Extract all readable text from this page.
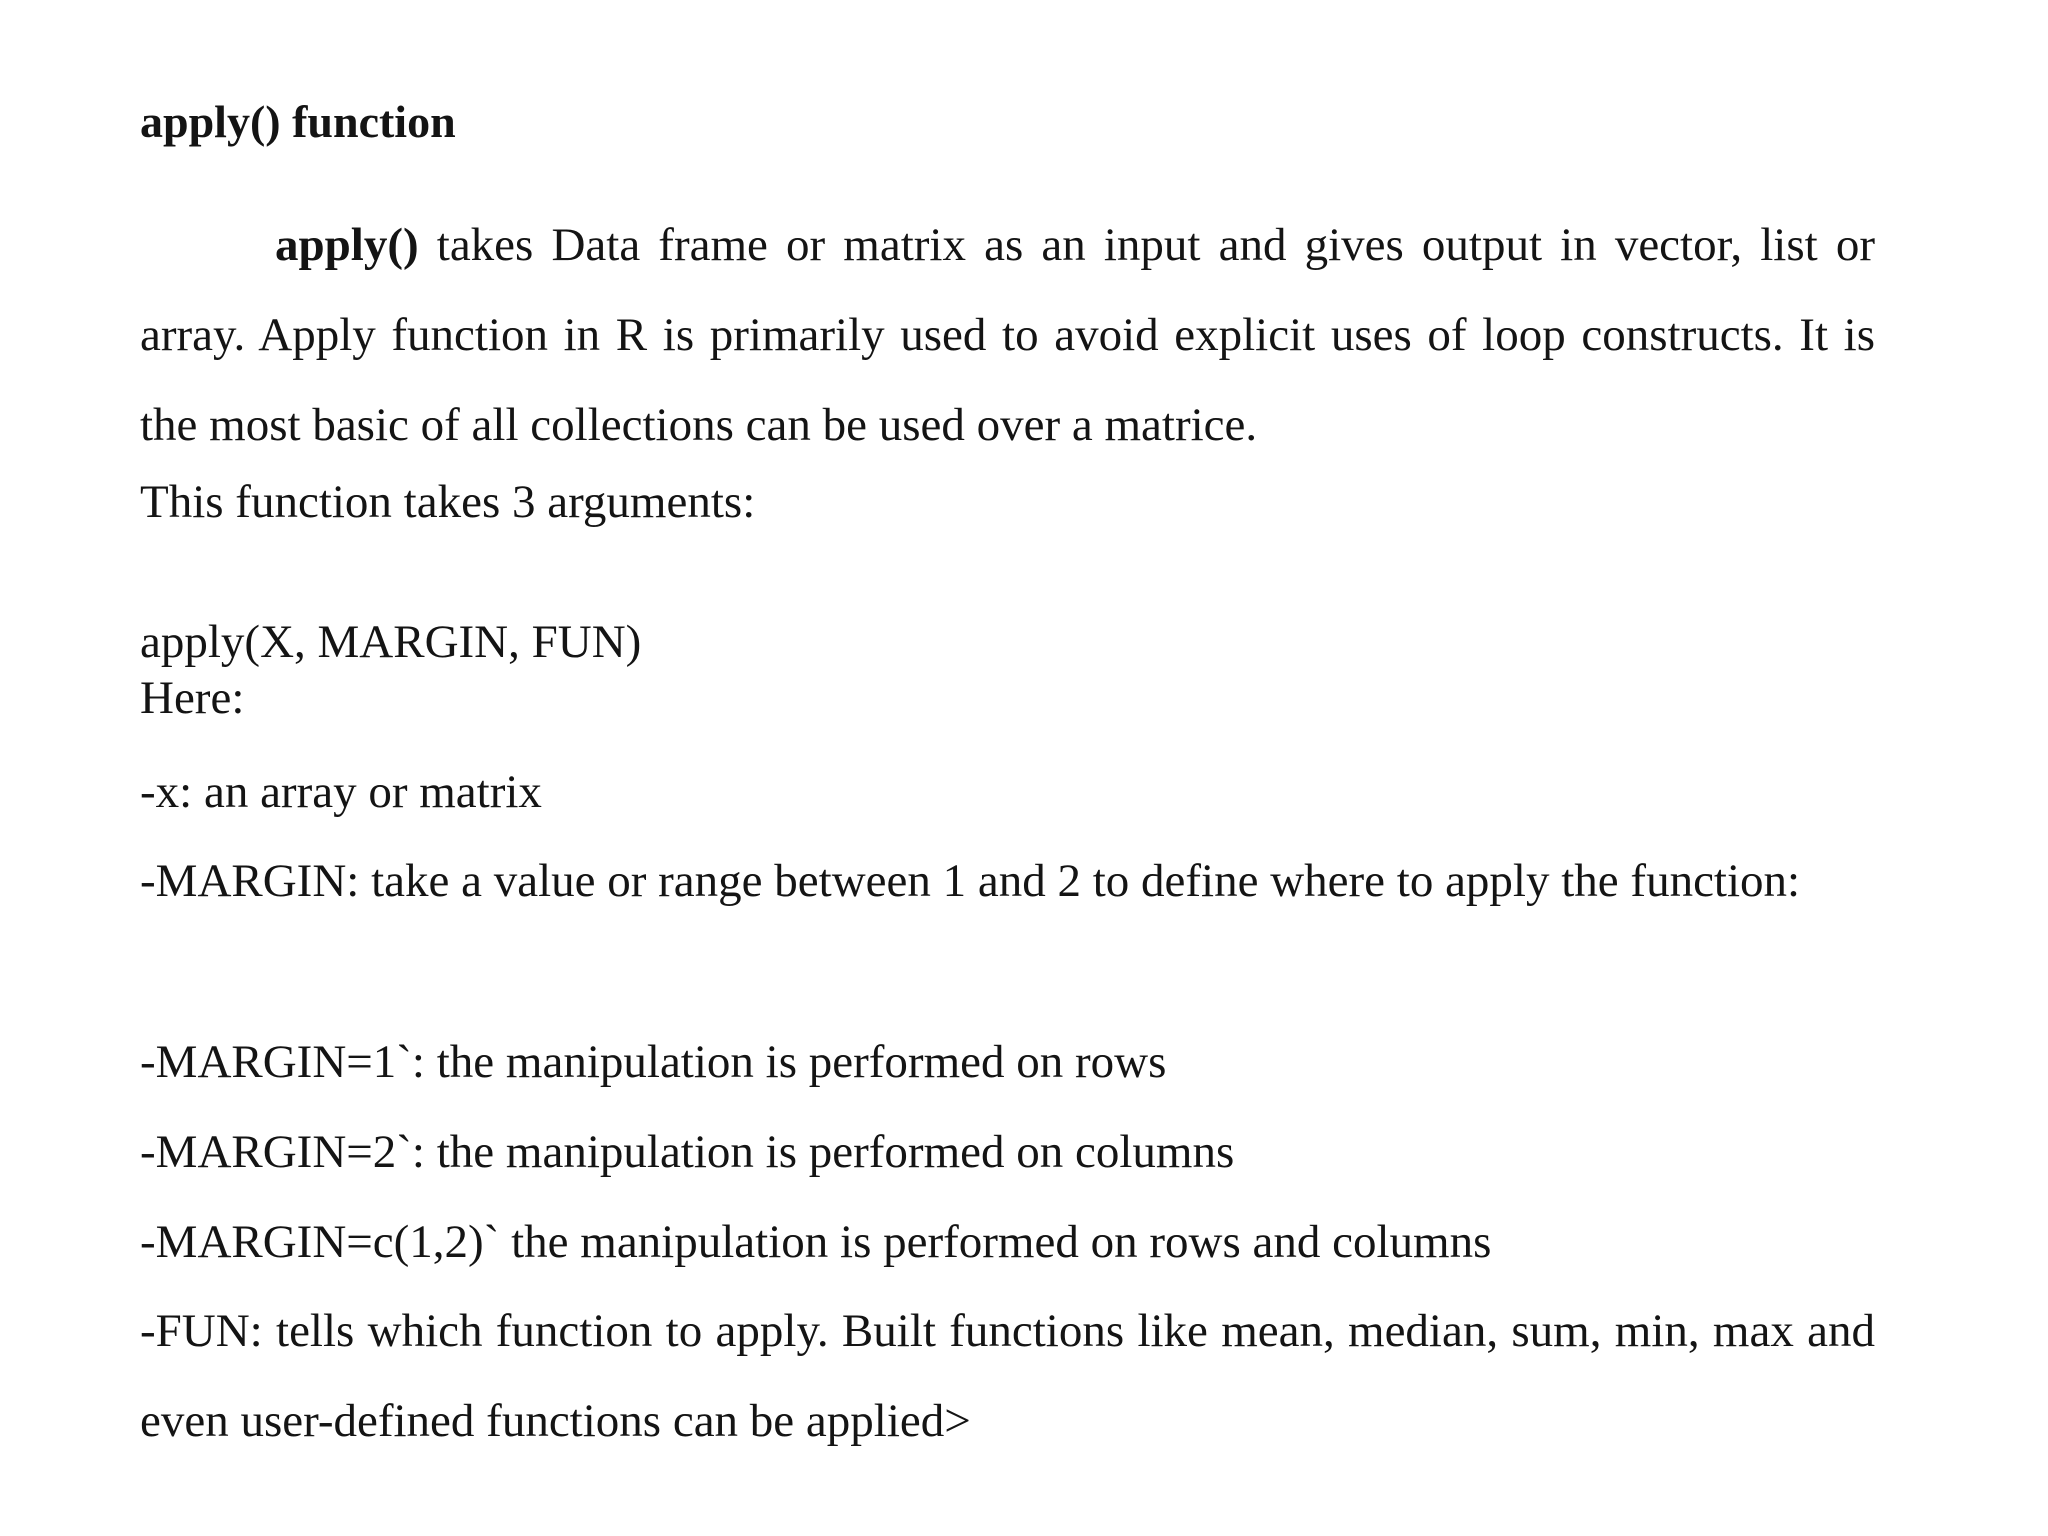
apply() function
apply() takes Data frame or matrix as an input and gives output in vector, list or array. Apply function in R is primarily used to avoid explicit uses of loop constructs. It is the most basic of all collections can be used over a matrice.
This function takes 3 arguments:
apply(X, MARGIN, FUN)
Here:
-x: an array or matrix
-MARGIN: take a value or range between 1 and 2 to define where to apply the function:
-MARGIN=1`: the manipulation is performed on rows
-MARGIN=2`: the manipulation is performed on columns
-MARGIN=c(1,2)` the manipulation is performed on rows and columns
-FUN: tells which function to apply. Built functions like mean, median, sum, min, max and even user-defined functions can be applied>
